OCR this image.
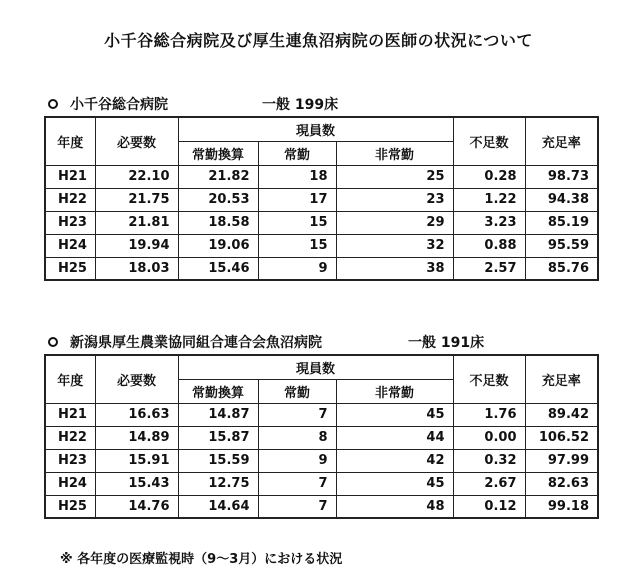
小千谷総合病院及び厚生連魚沼病院の医師の状況について
小千谷総合病院	一般 199床
年度	必要数	現員数			不足数	充足率
		常勤換算	常勤	非常勤		
H21	22.10	21.82	18	25	0.28	98.73
H22	21.75	20.53	17	23	1.22	94.38
H23	21.81	18.58	15	29	3.23	85.19
H24	19.94	19.06	15	32	0.88	95.59
H25	18.03	15.46	9	38	2.57	85.76
新潟県厚生農業協同組合連合会魚沼病院	一般 191床
年度	必要数	現員数			不足数	充足率
		常勤換算	常勤	非常勤		
H21	16.63	14.87	7	45	1.76	89.42
H22	14.89	15.87	8	44	0.00	106.52
H23	15.91	15.59	9	42	0.32	97.99
H24	15.43	12.75	7	45	2.67	82.63
H25	14.76	14.64	7	48	0.12	99.18
※ 各年度の医療監視時（9～3月）における状況
